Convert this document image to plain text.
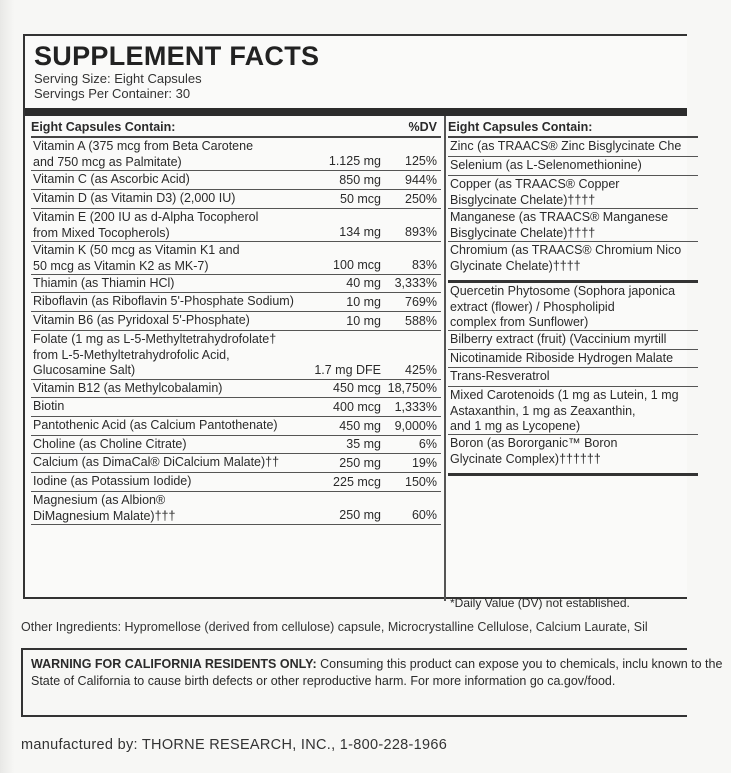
SUPPLEMENT FACTS
Serving Size: Eight Capsules
Servings Per Container: 30
Eight Capsules Contain:	%DV
Vitamin A (375 mcg from Beta Carotene
and 750 mcg as Palmitate)	1.125 mg 125%
Vitamin C (as Ascorbic Acid)	850 mg 944%
Vitamin D (as Vitamin D3) (2,000 IU)	50 mcg 250%
Vitamin E (200 IU as d-Alpha Tocopherol
from Mixed Tocopherols)	134 mg 893%
Vitamin K (50 mcg as Vitamin K1 and
50 mcg as Vitamin K2 as MK-7)	100 mcg 83%
Thiamin (as Thiamin HCl)	40 mg 3,333%
Riboflavin (as Riboflavin 5'-Phosphate Sodium)	10 mg 769%
Vitamin B6 (as Pyridoxal 5'-Phosphate)	10 mg 588%
Folate (1 mg as L-5-Methyltetrahydrofolate†
from L-5-Methyltetrahydrofolic Acid,
Glucosamine Salt)	1.7 mg DFE 425%
Vitamin B12 (as Methylcobalamin)	450 mcg 18,750%
Biotin	400 mcg 1,333%
Pantothenic Acid (as Calcium Pantothenate)	450 mg 9,000%
Choline (as Choline Citrate)	35 mg	6%
Calcium (as DimaCal® DiCalcium Malate)††	250 mg 19%
Iodine (as Potassium Iodide)	225 mcg 150%
Magnesium (as Albion®
DiMagnesium Malate)†††	250 mg 60%
Eight Capsules Contain:
Zinc (as TRAACS® Zinc Bisglycinate Che
Selenium (as L-Selenomethionine)
Copper (as TRAACS® Copper
Bisglycinate Chelate)††††
Manganese (as TRAACS® Manganese
Bisglycinate Chelate)††††
Chromium (as TRAACS® Chromium Nico
Glycinate Chelate)††††
Quercetin Phytosome (Sophora japonica
extract (flower) / Phospholipid
complex from Sunflower)
Bilberry extract (fruit) (Vaccinium myrtill
Nicotinamide Riboside Hydrogen Malate
Trans-Resveratrol
Mixed Carotenoids (1 mg as Lutein, 1 mg
Astaxanthin, 1 mg as Zeaxanthin,
and 1 mg as Lycopene)
Boron (as Bororganic™ Boron
Glycinate Complex)††††††
*Daily Value (DV) not established.
Other Ingredients: Hypromellose (derived from cellulose) capsule, Microcrystalline Cellulose, Calcium Laurate, Sil
WARNING FOR CALIFORNIA RESIDENTS ONLY: Consuming this product can expose you to chemicals, inclu known to the State of California to cause birth defects or other reproductive harm. For more information go ca.gov/food.
manufactured by: THORNE RESEARCH, INC., 1-800-228-1966
